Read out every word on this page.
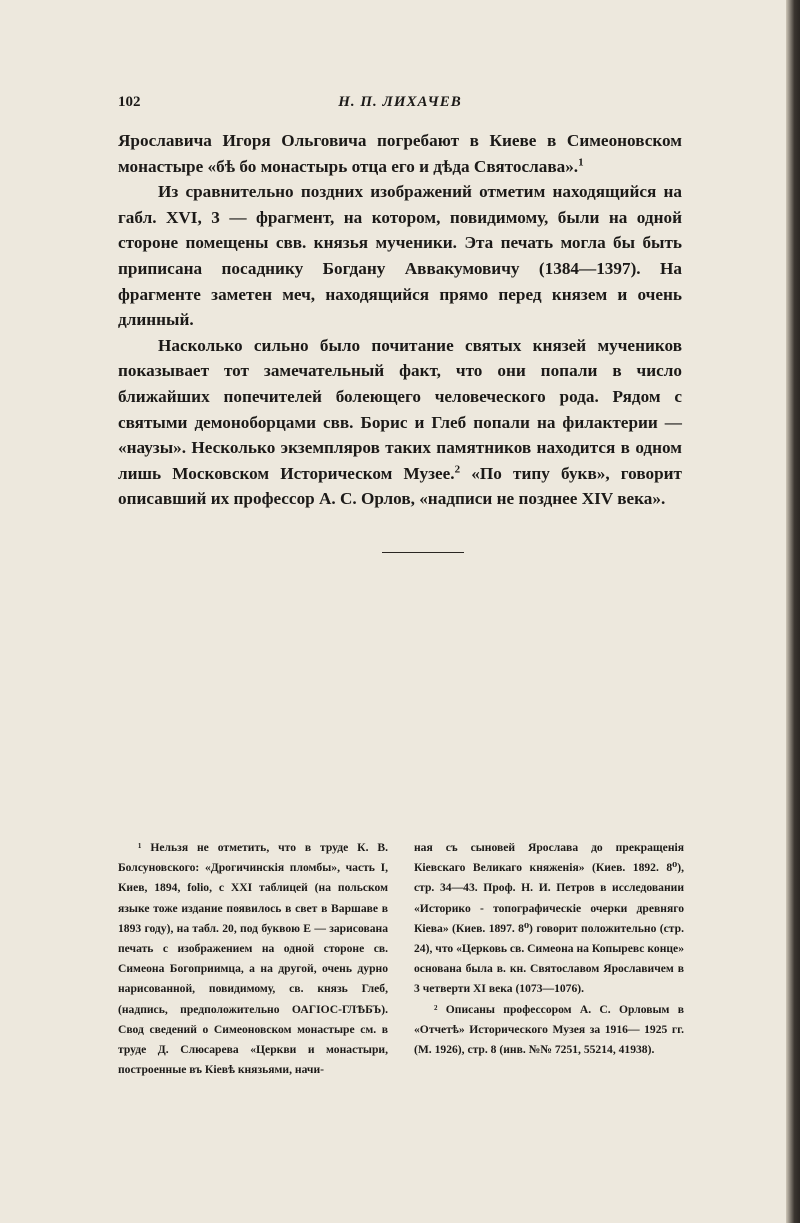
102	Н. П. ЛИХАЧЕВ

Ярославича Игоря Ольговича погребают в Киеве в Симеоновском монастыре «бѣ бо монастырь отца его и дѣда Святослава».$^1$

Из сравнительно поздних изображений отметим находящийся на габл. XVI, 3 — фрагмент, на котором, повидимому, были на одной стороне помещены свв. князья мученики. Эта печать могла бы быть приписана посаднику Богдану Аввакумовичу (1384—1397). На фрагменте заметен меч, находящийся прямо перед князем и очень длинный.

Насколько сильно было почитание святых князей мучеников показывает тот замечательный факт, что они попали в число ближайших попечителей болеющего человеческого рода. Рядом с святыми демоноборцами свв. Борис и Глеб попали на филактерии — «наузы». Несколько экземпляров таких памятников находится в одном лишь Московском Историческом Музее.$^2$ «По типу букв», говорит описавший их профессор А. С. Орлов, «надписи не позднее XIV века».

¹ Нельзя не отметить, что в труде К. В. Болсуновского: «Дрогичинскія пломбы», часть I, Киев, 1894, folio, с XXI таблицей (на польском языке тоже издание появилось в свет в Варшаве в 1893 году), на табл. 20, под буквою Е — зарисована печать с изображением на одной стороне св. Симеона Богоприимца, а на другой, очень дурно нарисованной, повидимому, св. князь Глеб, (надпись, предположительно ОАГIОС-ГЛѢБЪ). Свод сведений о Симеоновском монастыре см. в труде Д. Слюсарева «Церкви и монастыри, построенные въ Кіевѣ князьями, начи-

ная съ сыновей Ярослава до прекращенія Кіевскаго Великаго княженія» (Киев. 1892. 8⁰), стр. 34—43. Проф. Н. И. Петров в исследовании «Историко - топографическіе очерки древняго Кіева» (Киев. 1897. 8⁰) говорит положительно (стр. 24), что «Церковь св. Симеона на Копыревс конце» основана была в. кн. Святославом Ярославичем в 3 четверти XI века (1073—1076).

² Описаны профессором А. С. Орловым в «Отчетѣ» Исторического Музея за 1916— 1925 гг. (М. 1926), стр. 8 (инв. №№ 7251, 55214, 41938).
